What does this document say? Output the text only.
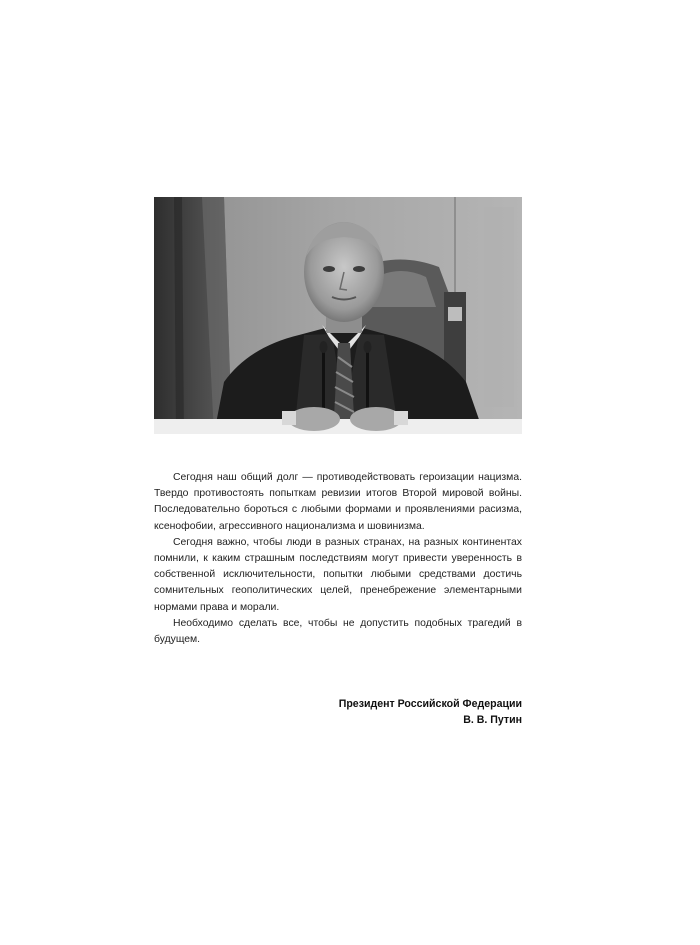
Сегодня наш общий долг — противодействовать героизации нацизма. Твердо противостоять попыткам ревизии итогов Второй мировой войны. Последовательно бороться с любыми формами и проявлениями расизма, ксенофобии, агрессивного национализма и шовинизма.

Сегодня важно, чтобы люди в разных странах, на разных континентах помнили, к каким страшным последствиям могут привести уверенность в собственной исключительности, попытки любыми средствами достичь сомнительных геополитических целей, пренебрежение элементарными нормами права и морали.

Необходимо сделать все, чтобы не допустить подобных трагедий в будущем.

Президент Российской Федерации
В. В. Путин
